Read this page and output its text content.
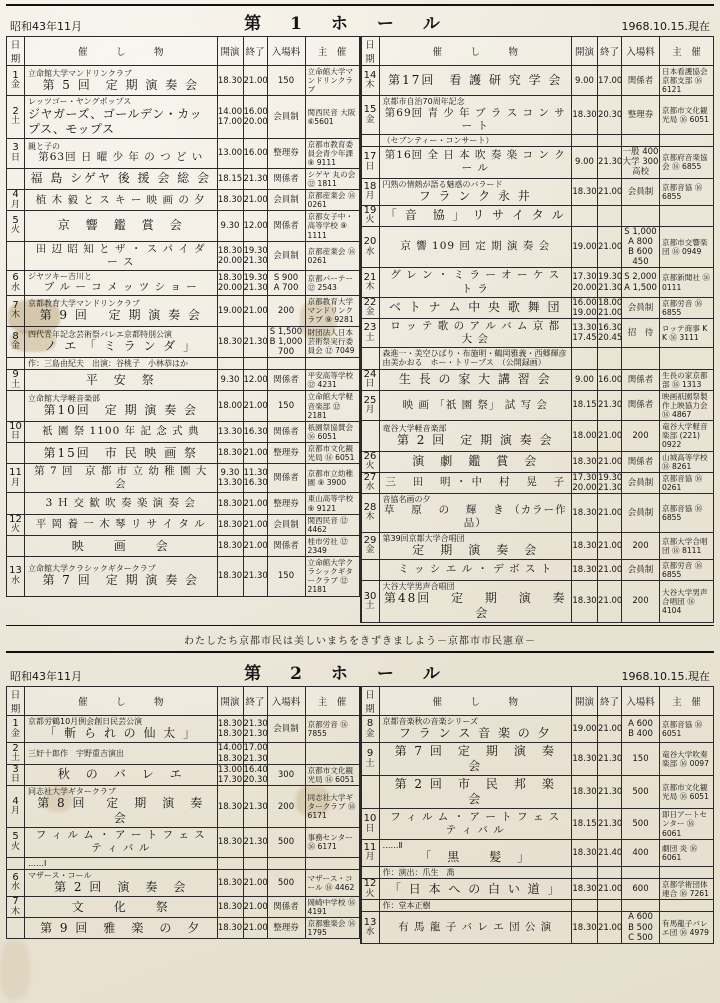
昭和43年11月	第　1　ホ　ー　ル	1968.10.15.現在
日期	催　　　し　　　物	開演	終了	入場料	主　催

1
金	立命館大学マンドリンクラブ
第 5 回　定 期 演 奏 会	18.30	21.00	150	立命館大学マンドリンクラブ

2
土	レッツゴー・ヤングポップス
ジヤガーズ、ゴールデン・カップス、モップス	14.00
17.00	16.00
20.00	会員制	関西民音 大阪⑥5601

3
日	親と子の
第63回 日 曜 少 年 の つ ど い	13.00	16.00	整理券	京都市教育委員会青少年課 ⑨ 9111

	福 島 シゲヤ 後 援 会 総 会	18.15	21.30	関係者	シゲヤ 丸の会 ⑫ 1811

4
月	植 木 毅 と ス キ ー 映 画 の 夕	18.30	21.00	会員制	京都産業会 ⑯ 0261

5
火	京　響　鑑　賞　会	9.30	12.00	関係者	京都女子中・高等学校 ⑨ 1111

	田 辺 昭 知 と ザ ・ ス パ イ ダ ー ス	18.30
20.00	19.30
21.30	会員制	京都産業会 ⑯ 0261

6
水	ジヤツキー吉川と
ブ ル ー コ メ ッ ツ シ ョ ー	18.30
20.00	19.30
21.30	S 900
A 700	京都パーテー ⑫ 2543

7
木	京都教育大学マンドリンクラブ
第 9 回 　定 期 演 奏 会	19.00	21.00	200	京都教育大学マンドリンクラブ ⑨ 9281

8
金	四代青年記念芸術祭バレエ京都特別公演
ノ エ 「 ミ ラ ン ダ 」	18.30	21.30	S 1,500
B 1,000
700	財団法人日本芸術祭実行委員会 ⑫ 7049

	作：三島由紀夫　出演：谷桃子　小林恭はか				

9
土	平　安　祭	9.30	12.00	関係者	平安高等学校 ⑫ 4231

	立命館大学軽音楽部
第10回　定 期 演 奏 会	18.00	21.00	150	立命館大学軽音楽部 ⑫ 2181

10
日	祇 園 祭 1100 年 記 念 式 典	13.30	16.30	関係者	祇園祭協賛会 ⑯ 6051

	第15回　市 民 映 画 祭	18.30	21.00	整理券	京都市文化観光局 ⑯ 6051

11
月	第 7 回　京 都 市 立 幼 稚 園 大 会	9.30
13.30	11.30
16.30	関係者	京都市立幼稚園 ⑨ 3900

	3 Ｈ 交 歓 吹 奏 楽 演 奏 会	18.30	21.00	整理券	東山高等学校 ⑨ 9121

12
火	平 岡 養 一 木 琴 リ サ イ タ ル	18.30	21.00	会員制	関西民音 ⑫ 4462

	映　　画　　会	18.30	21.00	関係者	桂市労社 ⑫ 2349

13
水	立命館大学クラシックギタークラブ
第 7 回　定 期 演 奏 会	18.30	21.30	150	立命館大学クラシックギタークラブ ⑫ 2181
日期	催　　　し　　　物	開演	終了	入場料	主　催

14
木	第17回　看 護 研 究 学 会	9.00	17.00	関係者	日本看護協会京都支部 ⑯ 6121

15
金	京都市自治70周年記念
第69回 青 少 年 ブ ラ ス コ ン サ ー ト	18.30	20.30	整理券	京都市文化観光局 ⑯ 6051

	（セブンティー・コンサート）				

17
日	第16回 全 日 本 吹 奏 楽 コ ン ク ー ル	9.00	21.30	一般 400
大学 300
高校	京都府音楽協会 ⑯ 6855

18
月	円熟の情熱が語る魅惑のバラード
フ ラ ン ク 永 井	18.30	21.00	会員制	京都音協 ⑯ 6855

19
火	「 音　協 」 リ サ イ タ ル				

20
水	京 響 109 回 定 期 演 奏 会	19.00	21.00	S 1,000
A 800
B 600
450	京都市交響楽団 ⑯ 0949

21
木	グ レ ン ・ ミ ラ ー オ ー ケ ス ト ラ	17.30
20.00	19.30
21.30	S 2,000
A 1,500	京都新聞社 ⑯ 0111

22
金	ベ ト ナ ム 中 央 歌 舞 団	16.00
19.00	18.00
21.00	会員制	京都労音 ⑯ 6855

23
土	ロ ッ テ 歌 の ア ル バ ム 京 都 大 会	13.30
17.45	16.30
20.45	招　待	ロッテ商事 K K ⑯ 3111

	森進一・美空ひばり・布施明・鶴岡雅義・西郷輝彦　由美かおる　ホー・トリープス　（公開録画）				

24
日	生 長 の 家 大 講 習 会	9.00	16.00	関係者	生長の家京都部 ⑯ 1313

25
月	映 画 「祇 園 祭」 試 写 会	18.15	21.30	関係者	映画祇園祭製作上映協力会 ⑯ 4867

	竜谷大学軽音楽部
第 2 回　定 期 演 奏 会	18.00	21.00	200	竜谷大学軽音楽部 (221) 0922

26
火	演　劇　鑑　賞　会	18.30	21.00	関係者	山城高等学校 ⑯ 8261

27
水	三 　田 　明 ・ 中 　村 　晃 　子	17.30
20.00	19.30
21.30	会員制	京都音協 ⑯ 0261

28
木	音協名画の夕
草 　原 　の 　輝 　き （カラー作品）	18.30	21.00	会員制	京都音協 ⑯ 6855

29
金	第39回京都大学合唱団
定　期　演　奏　会	18.30	21.00	200	京都大学合唱団 ⑯ 8111

	ミ ッ シ エ ル ・ デ ボ ス ト	18.30	21.00	会員制	京都労音 ⑯ 6855

30
土	大谷大学男声合唱団
第48回 　定 　期 　演 　奏 　会	18.30	21.00	200	大谷大学男声合唱団 ⑯ 4104
わたしたち京都市民は美しいまちをきずきましよう－京都市市民憲章－
昭和43年11月	第　2　ホ　ー　ル	1968.10.15.現在
日期	催　　　し　　　物	開演	終了	入場料	主　催

1
金	京都労鶴10月例会創日民芸公演
「 斬 ら れ の 仙 太 」	18.30
18.30	21.30
21.30	会員制	京都労音 ⑯ 7855

2
土	三好十郎作　宇野重吉演出	14.00
18.30	17.00
21.30		

3
日	秋　の　バ　レ　エ	13.00
17.30	16.40
20.30	300	京都市文化観光局 ⑯ 6051

4
月	同志社大学ギタークラブ
第 8 回　 定　期　演　奏　会	18.30	21.30	200	同志社大学ギタークラブ ⑯ 6171

5
火	フ ィ ル ム ・ ア ー ト フ ェ ス テ ィ バ ル	18.30	21.30	500	事務センター ⑯ 6171

	……Ⅰ				

6
水	マザース・コール
第 2 回　演　奏　会	18.30	21.00	500	マザース・コール ⑯ 4462

7
木	文　　化　　祭	18.30	21.00	関係者	岡崎中学校 ⑯ 4191

	第 9 回　雅　楽　の　夕	18.30	21.00	整理券	京都雅楽会 ⑯ 1795
日期	催　　　し　　　物	開演	終了	入場料	主　催

8
金	京都音楽秋の音楽シリーズ
フ ラ ン ス 音 楽 の 夕	19.00	21.00	A 600
B 400	京都音協 ⑯ 6051

9
土	第 7 回　定　期　演　奏　会	18.30	21.30	150	竜谷大学吹奏楽部 ⑯ 0097

	第 2 回　市　民　邦　楽　会	18.30	21.30	500	京都市文化観光局 ⑯ 6051

10
日	フ ィ ル ム ・ ア ー ト フ ェ ス テ ィ バ ル	18.15	21.30	500	即日アートセンター ⑯ 6061

11
月	……Ⅱ
「　黒　　髪　」	18.30	21.40	400	劇団 炎 ⑯ 6061

	作：演出：爪生　喬				

12
火	「 日 本 へ の 白 い 道 」	18.30	21.00	600	京都学術団体連合 ⑯ 7261

	作：堂本正樹				

13
水	有 馬 龍 子 バ レ エ 団 公 演	18.30	21.00	A 600
B 500
C 500	有馬龍子バレエ団 ⑯ 4979
